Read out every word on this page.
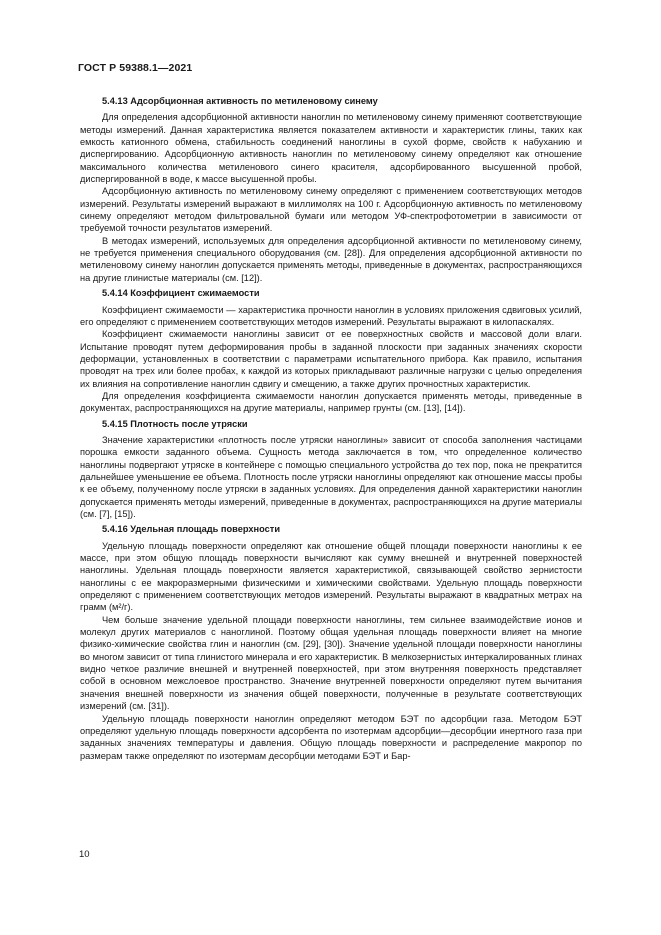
ГОСТ Р 59388.1—2021
5.4.13 Адсорбционная активность по метиленовому синему

Для определения адсорбционной активности наноглин по метиленовому синему применяют соответствующие методы измерений. Данная характеристика является показателем активности и характеристик глины, таких как емкость катионного обмена, стабильность соединений наноглины в сухой форме, свойств к набуханию и диспергированию. Адсорбционную активность наноглин по метиленовому синему определяют как отношение максимального количества метиленового синего красителя, адсорбированного высушенной пробой, диспергированной в воде, к массе высушенной пробы.

Адсорбционную активность по метиленовому синему определяют с применением соответствующих методов измерений. Результаты измерений выражают в миллимолях на 100 г. Адсорбционную активность по метиленовому синему определяют методом фильтровальной бумаги или методом УФ-спектрофотометрии в зависимости от требуемой точности результатов измерений.

В методах измерений, используемых для определения адсорбционной активности по метиленовому синему, не требуется применения специального оборудования (см. [28]). Для определения адсорбционной активности по метиленовому синему наноглин допускается применять методы, приведенные в документах, распространяющихся на другие глинистые материалы (см. [12]).

5.4.14 Коэффициент сжимаемости

Коэффициент сжимаемости — характеристика прочности наноглин в условиях приложения сдвиговых усилий, его определяют с применением соответствующих методов измерений. Результаты выражают в килопаскалях.

Коэффициент сжимаемости наноглины зависит от ее поверхностных свойств и массовой доли влаги. Испытание проводят путем деформирования пробы в заданной плоскости при заданных значениях скорости деформации, установленных в соответствии с параметрами испытательного прибора. Как правило, испытания проводят на трех или более пробах, к каждой из которых прикладывают различные нагрузки с целью определения их влияния на сопротивление наноглин сдвигу и смещению, а также других прочностных характеристик.

Для определения коэффициента сжимаемости наноглин допускается применять методы, приведенные в документах, распространяющихся на другие материалы, например грунты (см. [13], [14]).

5.4.15 Плотность после утряски

Значение характеристики «плотность после утряски наноглины» зависит от способа заполнения частицами порошка емкости заданного объема. Сущность метода заключается в том, что определенное количество наноглины подвергают утряске в контейнере с помощью специального устройства до тех пор, пока не прекратится дальнейшее уменьшение ее объема. Плотность после утряски наноглины определяют как отношение массы пробы к ее объему, полученному после утряски в заданных условиях. Для определения данной характеристики наноглин допускается применять методы измерений, приведенные в документах, распространяющихся на другие материалы (см. [7], [15]).

5.4.16 Удельная площадь поверхности

Удельную площадь поверхности определяют как отношение общей площади поверхности наноглины к ее массе, при этом общую площадь поверхности вычисляют как сумму внешней и внутренней поверхностей наноглины. Удельная площадь поверхности является характеристикой, связывающей свойство зернистости наноглины с ее макроразмерными физическими и химическими свойствами. Удельную площадь поверхности определяют с применением соответствующих методов измерений. Результаты выражают в квадратных метрах на грамм (м²/г).

Чем больше значение удельной площади поверхности наноглины, тем сильнее взаимодействие ионов и молекул других материалов с наноглиной. Поэтому общая удельная площадь поверхности влияет на многие физико-химические свойства глин и наноглин (см. [29], [30]). Значение удельной площади поверхности наноглины во многом зависит от типа глинистого минерала и его характеристик. В мелкозернистых интеркалированных глинах видно четкое различие внешней и внутренней поверхностей, при этом внутренняя поверхность представляет собой в основном межслоевое пространство. Значение внутренней поверхности определяют путем вычитания значения внешней поверхности из значения общей поверхности, полученные в результате соответствующих измерений (см. [31]).

Удельную площадь поверхности наноглин определяют методом БЭТ по адсорбции газа. Методом БЭТ определяют удельную площадь поверхности адсорбента по изотермам адсорбции—десорбции инертного газа при заданных значениях температуры и давления. Общую площадь поверхности и распределение макропор по размерам также определяют по изотермам десорбции методами БЭТ и Бар-

10
